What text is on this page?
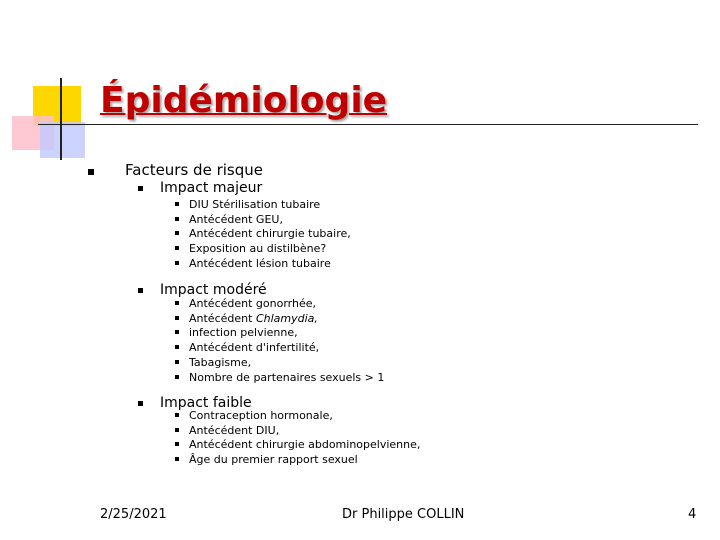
Épidémiologie
Facteurs de risque
Impact majeur
DIU Stérilisation tubaire
Antécédent GEU,
Antécédent chirurgie tubaire,
Exposition au distilbène?
Antécédent lésion tubaire
Impact modéré
Antécédent gonorrhée,
Antécédent Chlamydia,
infection pelvienne,
Antécédent d'infertilité,
Tabagisme,
Nombre de partenaires sexuels > 1
Impact faible
Contraception hormonale,
Antécédent DIU,
Antécédent chirurgie abdominopelvienne,
Âge du premier rapport sexuel
2/25/2021	Dr Philippe COLLIN	4
